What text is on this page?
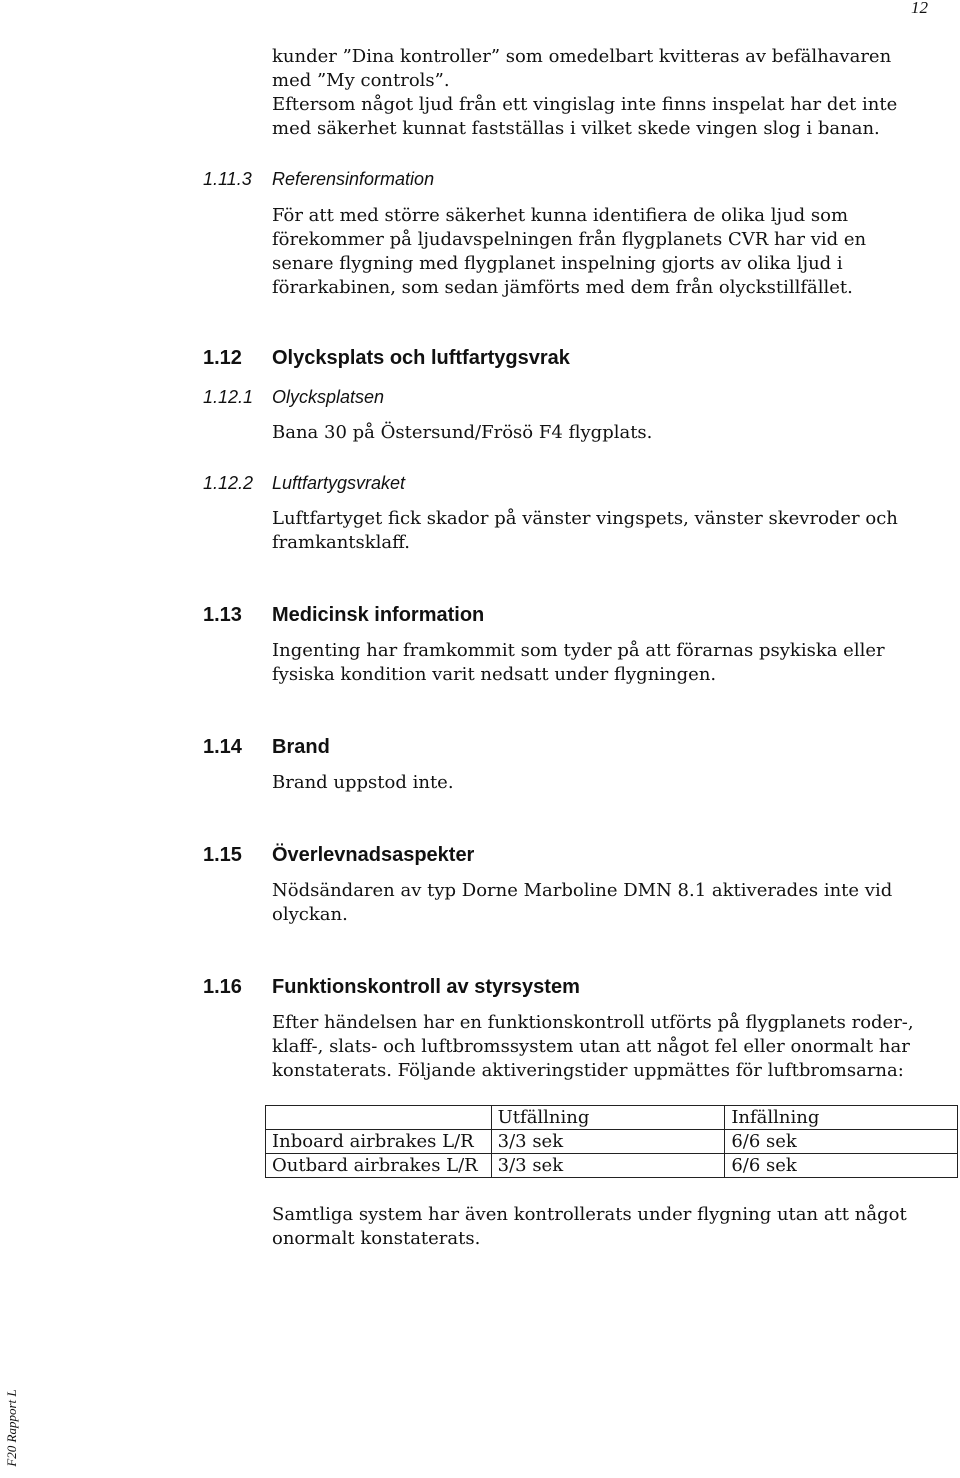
12

kunder ”Dina kontroller” som omedelbart kvitteras av befälhavaren med ”My controls”.

Eftersom något ljud från ett vingislag inte finns inspelat har det inte med säkerhet kunnat fastställas i vilket skede vingen slog i banan.

1.11.3 Referensinformation

För att med större säkerhet kunna identifiera de olika ljud som förekommer på ljudavspelningen från flygplanets CVR har vid en senare flygning med flygplanet inspelning gjorts av olika ljud i förarkabinen, som sedan jämförts med dem från olyckstillfället.

1.12 Olycksplats och luftfartygsvrak
1.12.1 Olycksplatsen

Bana 30 på Östersund/Frösö F4 flygplats.

1.12.2 Luftfartygsvraket

Luftfartyget fick skador på vänster vingspets, vänster skevroder och framkantsklaff.

1.13 Medicinsk information

Ingenting har framkommit som tyder på att förarnas psykiska eller fysiska kondition varit nedsatt under flygningen.

1.14 Brand

Brand uppstod inte.

1.15 Överlevnadsaspekter

Nödsändaren av typ Dorne Marboline DMN 8.1 aktiverades inte vid olyckan.

1.16 Funktionskontroll av styrsystem

Efter händelsen har en funktionskontroll utförts på flygplanets roder-, klaff-, slats- och luftbromssystem utan att något fel eller onormalt har konstaterats. Följande aktiveringstider uppmättes för luftbromsarna:

	Utfällning	Infällning
Inboard airbrakes L/R	3/3 sek	6/6 sek
Outbard airbrakes L/R	3/3 sek	6/6 sek

Samtliga system har även kontrollerats under flygning utan att något onormalt konstaterats.

F20 Rapport L
